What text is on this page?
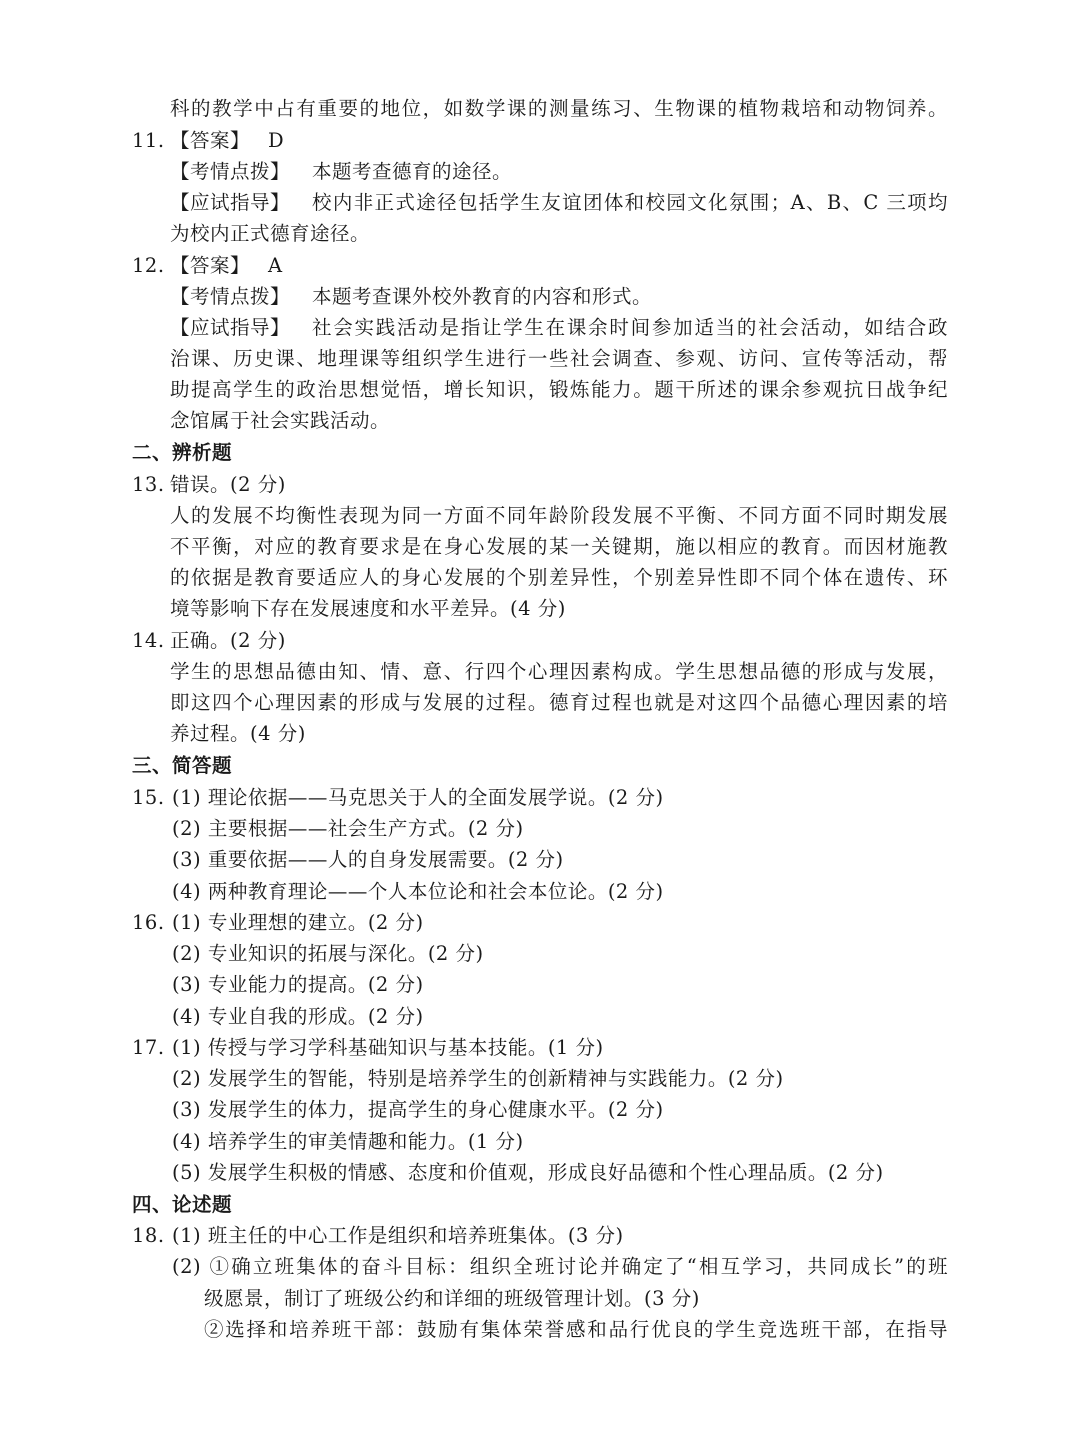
科的教学中占有重要的地位，如数学课的测量练习、生物课的植物栽培和动物饲养。
11. 【答案】 D
【考情点拨】 本题考查德育的途径。
【应试指导】 校内非正式途径包括学生友谊团体和校园文化氛围；A、B、C 三项均
为校内正式德育途径。
12. 【答案】 A
【考情点拨】 本题考查课外校外教育的内容和形式。
【应试指导】 社会实践活动是指让学生在课余时间参加适当的社会活动，如结合政
治课、历史课、地理课等组织学生进行一些社会调查、参观、访问、宣传等活动，帮
助提高学生的政治思想觉悟，增长知识，锻炼能力。题干所述的课余参观抗日战争纪
念馆属于社会实践活动。
二、辨析题
13. 错误。(2 分)
人的发展不均衡性表现为同一方面不同年龄阶段发展不平衡、不同方面不同时期发展
不平衡，对应的教育要求是在身心发展的某一关键期，施以相应的教育。而因材施教
的依据是教育要适应人的身心发展的个别差异性，个别差异性即不同个体在遗传、环
境等影响下存在发展速度和水平差异。(4 分)
14. 正确。(2 分)
学生的思想品德由知、情、意、行四个心理因素构成。学生思想品德的形成与发展，
即这四个心理因素的形成与发展的过程。德育过程也就是对这四个品德心理因素的培
养过程。(4 分)
三、简答题
15. (1) 理论依据——马克思关于人的全面发展学说。(2 分)
(2) 主要根据——社会生产方式。(2 分)
(3) 重要依据——人的自身发展需要。(2 分)
(4) 两种教育理论——个人本位论和社会本位论。(2 分)
16. (1) 专业理想的建立。(2 分)
(2) 专业知识的拓展与深化。(2 分)
(3) 专业能力的提高。(2 分)
(4) 专业自我的形成。(2 分)
17. (1) 传授与学习学科基础知识与基本技能。(1 分)
(2) 发展学生的智能，特别是培养学生的创新精神与实践能力。(2 分)
(3) 发展学生的体力，提高学生的身心健康水平。(2 分)
(4) 培养学生的审美情趣和能力。(1 分)
(5) 发展学生积极的情感、态度和价值观，形成良好品德和个性心理品质。(2 分)
四、论述题
18. (1) 班主任的中心工作是组织和培养班集体。(3 分)
(2) ①确立班集体的奋斗目标：组织全班讨论并确定了“相互学习，共同成长”的班
级愿景，制订了班级公约和详细的班级管理计划。(3 分)
②选择和培养班干部：鼓励有集体荣誉感和品行优良的学生竞选班干部，在指导
